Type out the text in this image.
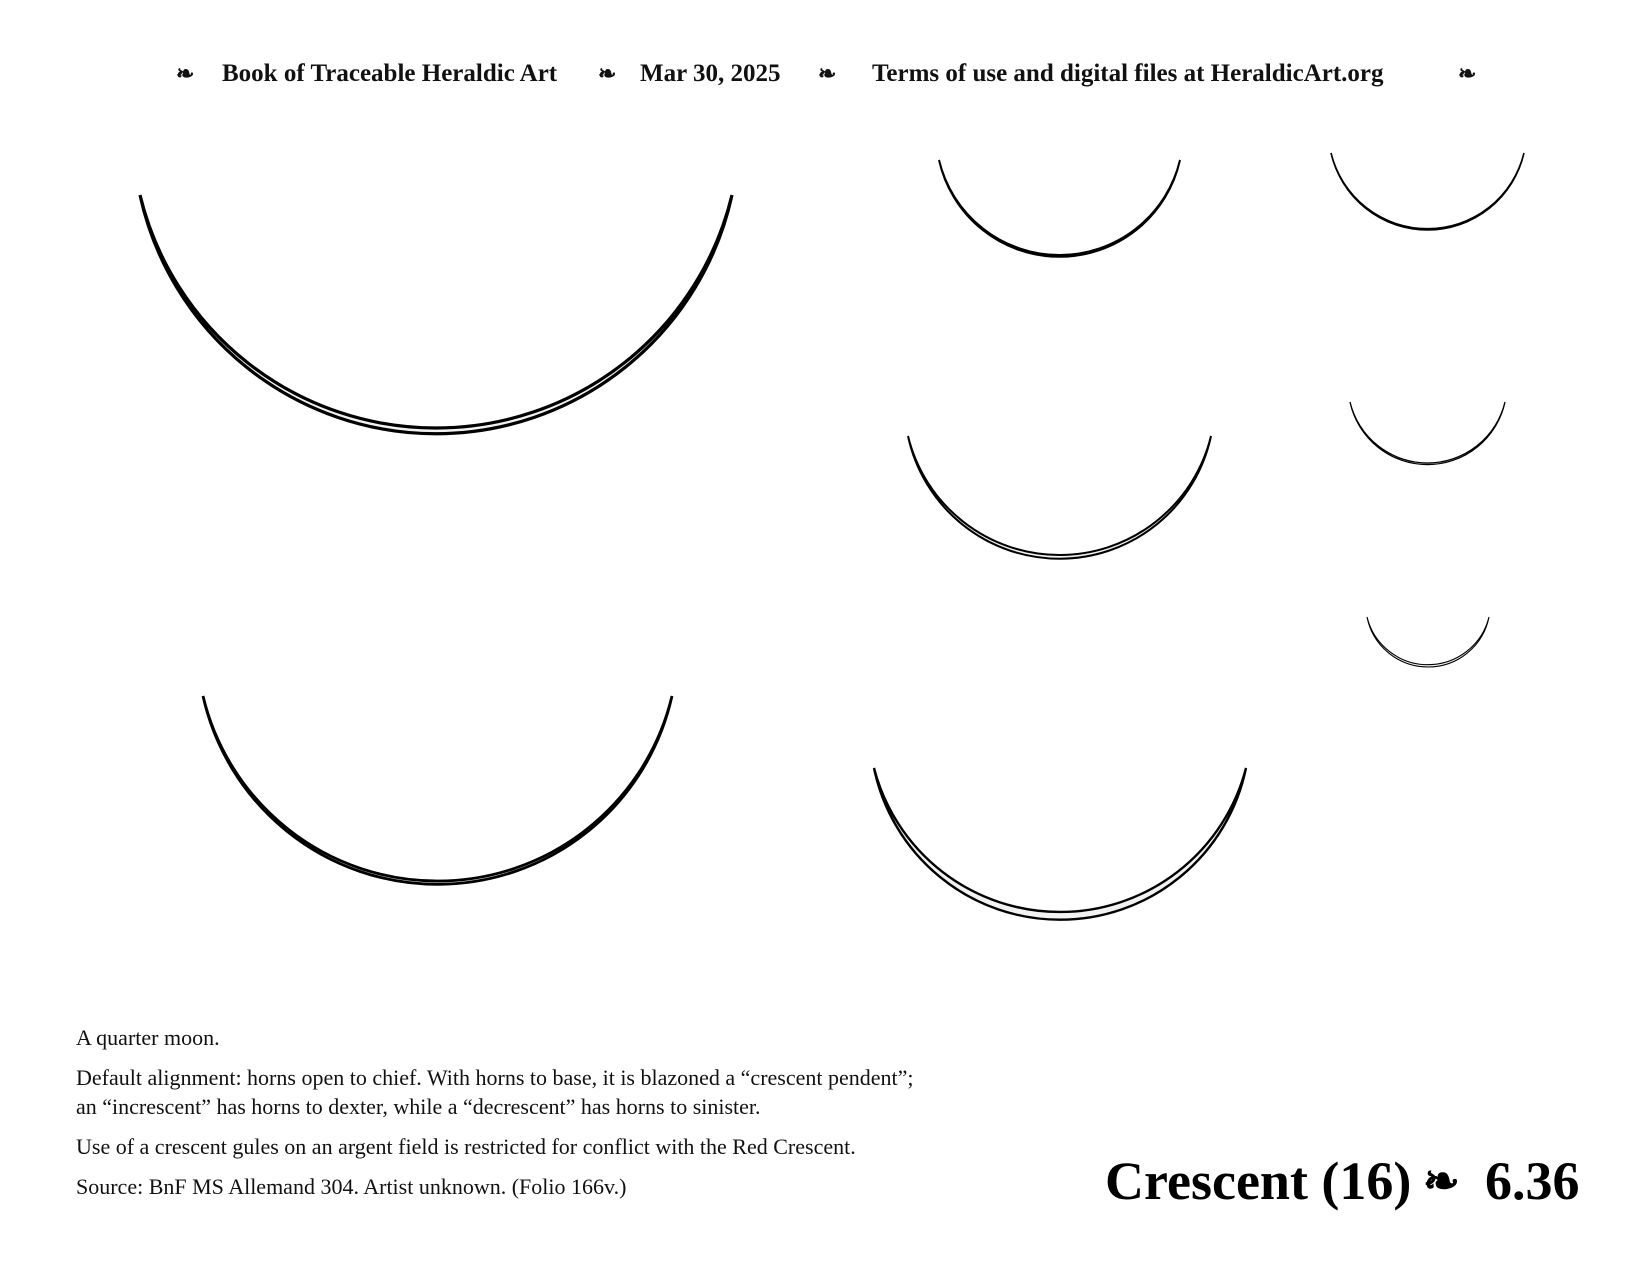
❧ Book of Traceable Heraldic Art ❧ Mar 30, 2025 ❧ Terms of use and digital files at HeraldicArt.org	❧

A quarter moon.

Default alignment: horns open to chief. With horns to base, it is blazoned a “crescent pendent”;
an “increscent” has horns to dexter, while a “decrescent” has horns to sinister.

Use of a crescent gules on an argent field is restricted for conflict with the Red Crescent.

Source: BnF MS Allemand 304. Artist unknown. (Folio 166v.)	Crescent (16) ❧ 6.36
